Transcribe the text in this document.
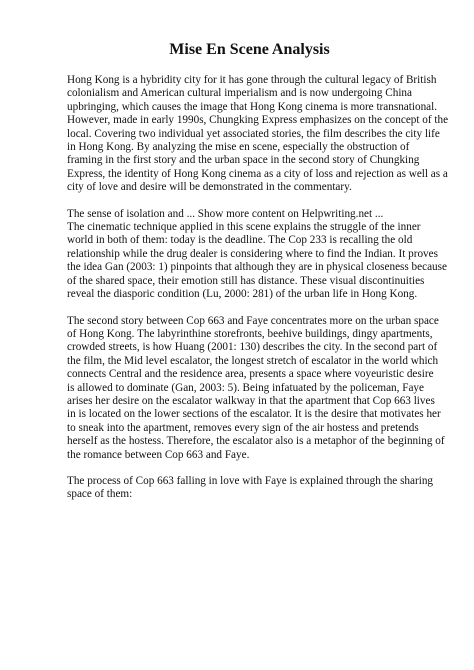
Mise En Scene Analysis
Hong Kong is a hybridity city for it has gone through the cultural legacy of British
colonialism and American cultural imperialism and is now undergoing China
upbringing, which causes the image that Hong Kong cinema is more transnational.
However, made in early 1990s, Chungking Express emphasizes on the concept of the
local. Covering two individual yet associated stories, the film describes the city life
in Hong Kong. By analyzing the mise en scene, especially the obstruction of
framing in the first story and the urban space in the second story of Chungking
Express, the identity of Hong Kong cinema as a city of loss and rejection as well as a
city of love and desire will be demonstrated in the commentary.
The sense of isolation and ... Show more content on Helpwriting.net ...
The cinematic technique applied in this scene explains the struggle of the inner
world in both of them: today is the deadline. The Cop 233 is recalling the old
relationship while the drug dealer is considering where to find the Indian. It proves
the idea Gan (2003: 1) pinpoints that although they are in physical closeness because
of the shared space, their emotion still has distance. These visual discontinuities
reveal the diasporic condition (Lu, 2000: 281) of the urban life in Hong Kong.
The second story between Cop 663 and Faye concentrates more on the urban space
of Hong Kong. The labyrinthine storefronts, beehive buildings, dingy apartments,
crowded streets, is how Huang (2001: 130) describes the city. In the second part of
the film, the Mid level escalator, the longest stretch of escalator in the world which
connects Central and the residence area, presents a space where voyeuristic desire
is allowed to dominate (Gan, 2003: 5). Being infatuated by the policeman, Faye
arises her desire on the escalator walkway in that the apartment that Cop 663 lives
in is located on the lower sections of the escalator. It is the desire that motivates her
to sneak into the apartment, removes every sign of the air hostess and pretends
herself as the hostess. Therefore, the escalator also is a metaphor of the beginning of
the romance between Cop 663 and Faye.
The process of Cop 663 falling in love with Faye is explained through the sharing
space of them:
